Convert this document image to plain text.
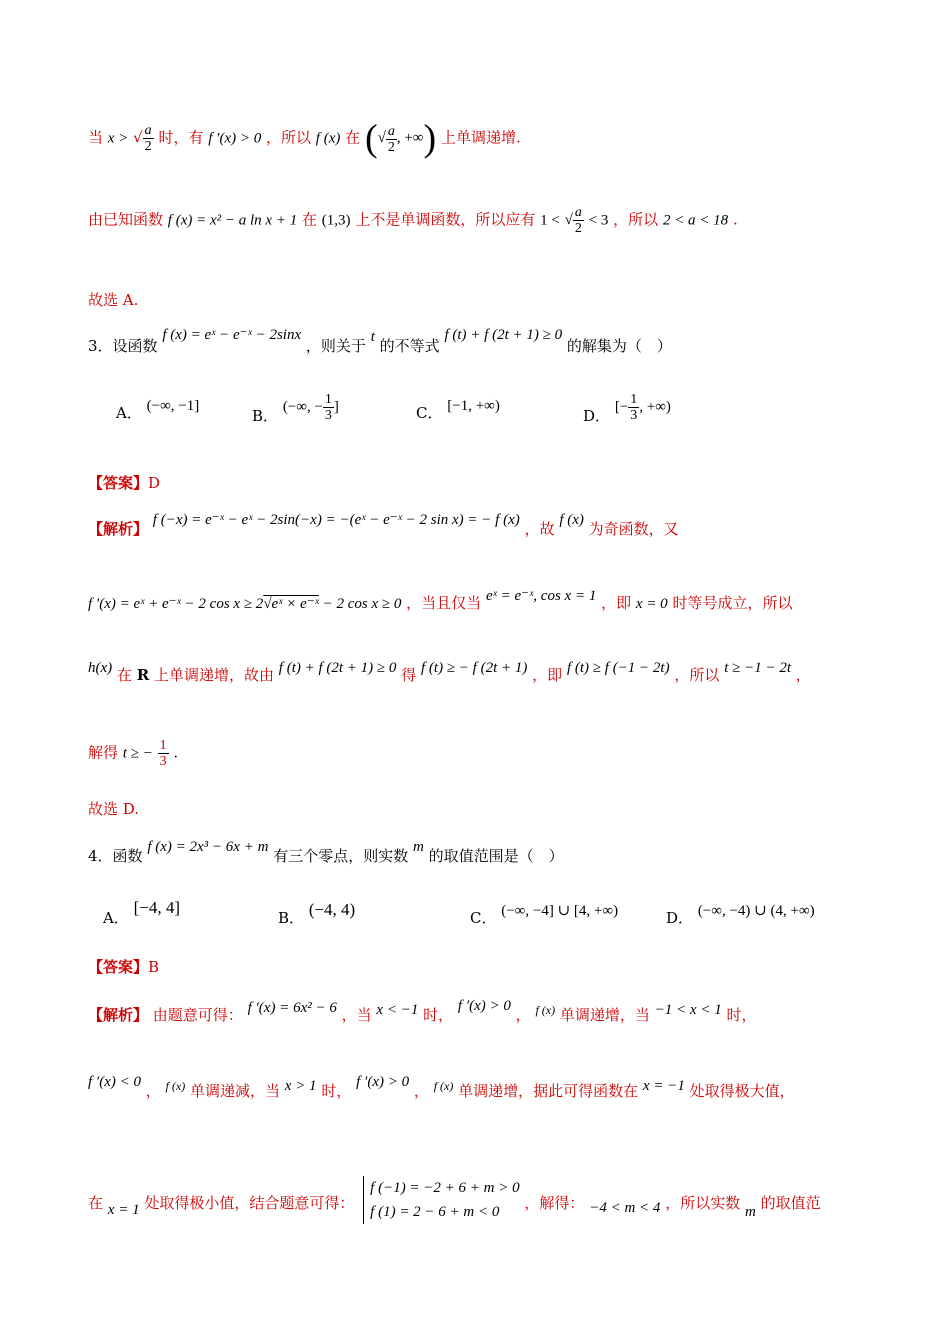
当 x > √ $\frac{a}{2}$ 时，有 f ′(x) > 0 ，所以 f (x) 在 (√ $\frac{a}{2}$ , +∞) 上单调递增.
由已知函数 f (x) = x² − a ln x + 1 在 (1,3) 上不是单调函数，所以应有 1 < √ $\frac{a}{2} < 3$ ，所以 2 < a < 18 .
故选 A.
3．设函数 f (x) = eˣ − e⁻ˣ − 2sinx ，则关于 t 的不等式 f (t) + f (2t + 1) ≥ 0 的解集为（　）
A． (−∞, −1]
B． (−∞, − $\frac{1}{3}$ ]	C． [−1, +∞)
D． [− $\frac{1}{3}$ , +∞)
【答案】D
【解析】 f (−x) = e⁻ˣ − eˣ − 2sin(−x) = −(eˣ − e⁻ˣ − 2 sin x) = − f (x) ，故 f (x) 为奇函数，又
f ′(x) = eˣ + e⁻ˣ − 2 cos x ≥ 2√eˣ × e⁻ˣ − 2 cos x ≥ 0 ，当且仅当 eˣ = e⁻ˣ, cos x = 1 ，即 x = 0 时等号成立，所以
h(x) 在 R 上单调递增，故由 f (t) + f (2t + 1) ≥ 0 得 f (t) ≥ − f (2t + 1) ，即 f (t) ≥ f (−1 − 2t) ，所以 t ≥ −1 − 2t ，
解得 t ≥ − $\frac{1}{3}$ .
故选 D.
4．函数 f (x) = 2x³ − 6x + m 有三个零点，则实数 m 的取值范围是（　）
A． [−4, 4]
B． (−4, 4)	C． (−∞, −4] ∪ [4, +∞)	D． (−∞, −4) ∪ (4, +∞)
【答案】B
【解析】 由题意可得： f ′(x) = 6x² − 6 ，当 x < −1 时， f ′(x) > 0 ， $^{f (x)}$ 单调递增，当 −1 < x < 1 时，
f ′(x) < 0 ， $^{f (x)}$ 单调递减，当 x > 1 时， f ′(x) > 0 ， $^{f (x)}$ 单调递增，据此可得函数在 x = −1 处取得极大值，
在 x = 1 处取得极小值，结合题意可得：
f (−1) = −2 + 6 + m > 0
f (1) = 2 − 6 + m < 0	，解得： −4 < m < 4 ，所以实数 m 的取值范
